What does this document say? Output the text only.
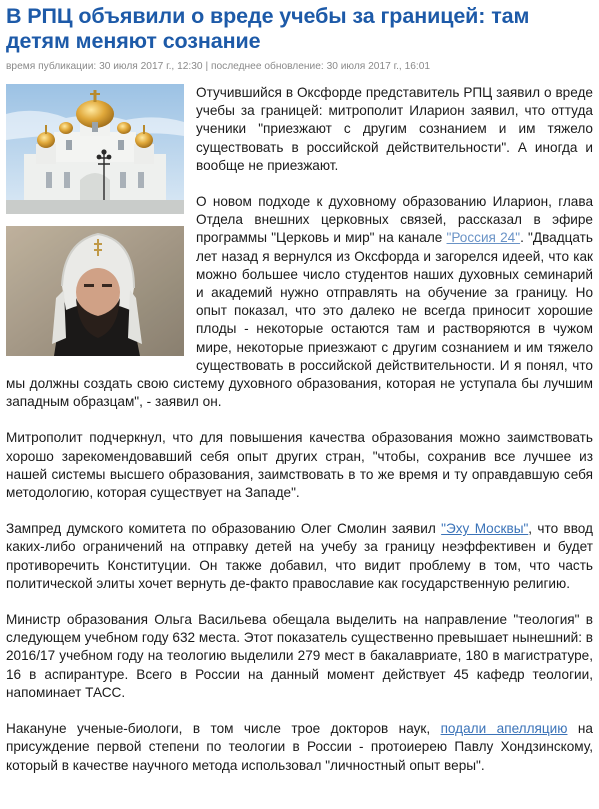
В РПЦ объявили о вреде учебы за границей: там детям меняют сознание
время публикации: 30 июля 2017 г., 12:30 | последнее обновление: 30 июля 2017 г., 16:01

Отучившийся в Оксфорде представитель РПЦ заявил о вреде учебы за границей: митрополит Иларион заявил, что оттуда ученики "приезжают с другим сознанием и им тяжело существовать в российской действительности". А иногда и вообще не приезжают.

О новом подходе к духовному образованию Иларион, глава Отдела внешних церковных связей, рассказал в эфире программы "Церковь и мир" на канале "Россия 24". "Двадцать лет назад я вернулся из Оксфорда и загорелся идеей, что как можно большее число студентов наших духовных семинарий и академий нужно отправлять на обучение за границу. Но опыт показал, что это далеко не всегда приносит хорошие плоды - некоторые остаются там и растворяются в чужом мире, некоторые приезжают с другим сознанием и им тяжело существовать в российской действительности. И я понял, что мы должны создать свою систему духовного образования, которая не уступала бы лучшим западным образцам", - заявил он.

Митрополит подчеркнул, что для повышения качества образования можно заимствовать хорошо зарекомендовавший себя опыт других стран, "чтобы, сохранив все лучшее из нашей системы высшего образования, заимствовать в то же время и ту оправдавшую себя методологию, которая существует на Западе".

Зампред думского комитета по образованию Олег Смолин заявил "Эху Москвы", что ввод каких-либо ограничений на отправку детей на учебу за границу неэффективен и будет противоречить Конституции. Он также добавил, что видит проблему в том, что часть политической элиты хочет вернуть де-факто православие как государственную религию.

Министр образования Ольга Васильева обещала выделить на направление "теология" в следующем учебном году 632 места. Этот показатель существенно превышает нынешний: в 2016/17 учебном году на теологию выделили 279 мест в бакалавриате, 180 в магистратуре, 16 в аспирантуре. Всего в России на данный момент действует 45 кафедр теологии, напоминает ТАСС.

Накануне ученые-биологи, в том числе трое докторов наук, подали апелляцию на присуждение первой степени по теологии в России - протоиерею Павлу Хондзинскому, который в качестве научного метода использовал "личностный опыт веры".
